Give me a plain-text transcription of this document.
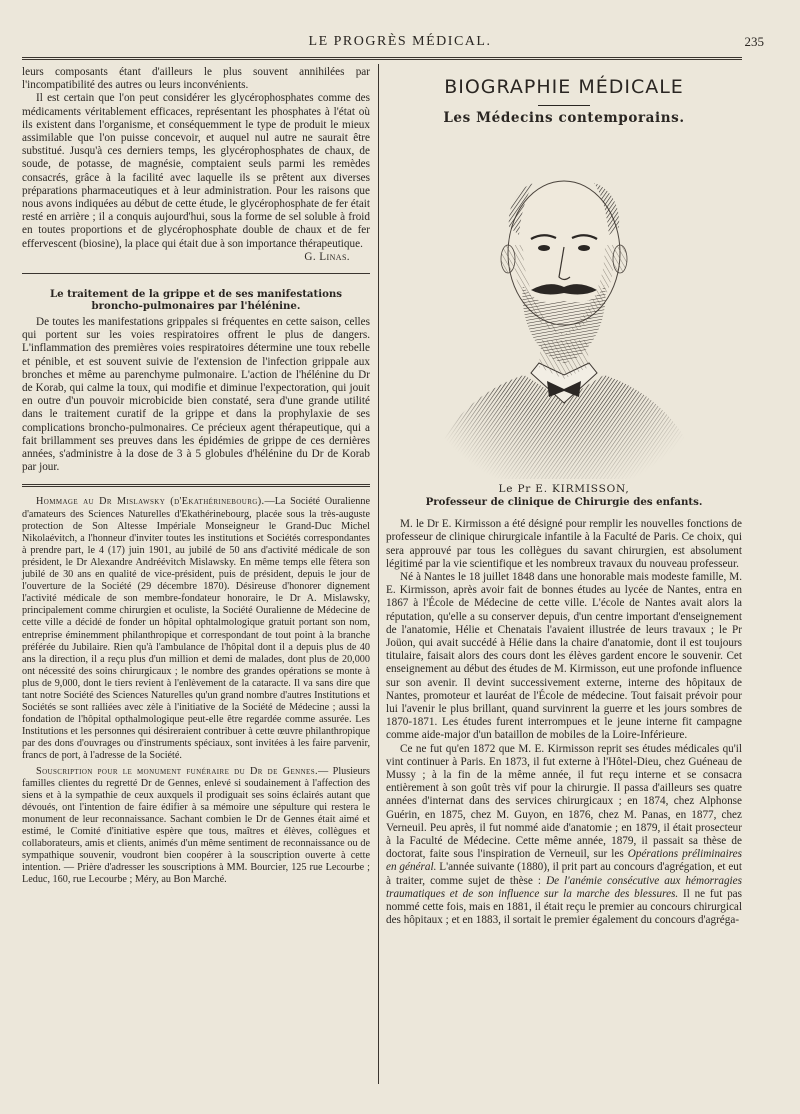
LE PROGRÈS MÉDICAL.	235

leurs composants étant d'ailleurs le plus souvent annihilées par l'incompatibilité des autres ou leurs inconvénients.

Il est certain que l'on peut considérer les glycérophosphates comme des médicaments véritablement efficaces, représentant les phosphates à l'état où ils existent dans l'organisme, et conséquemment le type de produit le mieux assimilable que l'on puisse concevoir, et auquel nul autre ne saurait être substitué. Jusqu'à ces derniers temps, les glycérophosphates de chaux, de soude, de potasse, de magnésie, comptaient seuls parmi les remèdes consacrés, grâce à la facilité avec laquelle ils se prêtent aux diverses préparations pharmaceutiques et à leur administration. Pour les raisons que nous avons indiquées au début de cette étude, le glycérophosphate de fer était resté en arrière ; il a conquis aujourd'hui, sous la forme de sel soluble à froid en toutes proportions et de glycérophosphate double de chaux et de fer effervescent (biosine), la place qui était due à son importance thérapeutique.

G. Linas.

Le traitement de la grippe et de ses manifestations broncho-pulmonaires par l'hélénine.

De toutes les manifestations grippales si fréquentes en cette saison, celles qui portent sur les voies respiratoires offrent le plus de dangers. L'inflammation des premières voies respiratoires détermine une toux rebelle et pénible, et est souvent suivie de l'extension de l'infection grippale aux bronches et même au parenchyme pulmonaire. L'action de l'hélénine du Dr de Korab, qui calme la toux, qui modifie et diminue l'expectoration, qui jouit en outre d'un pouvoir microbicide bien constaté, sera d'une grande utilité dans le traitement curatif de la grippe et dans la prophylaxie de ses complications broncho-pulmonaires. Ce précieux agent thérapeutique, qui a fait brillamment ses preuves dans les épidémies de grippe de ces dernières années, s'administre à la dose de 3 à 5 globules d'hélénine du Dr de Korab par jour.

Hommage au Dr Mislawsky (d'Ekathérinebourg).—La Société Ouralienne d'amateurs des Sciences Naturelles d'Ekathérinebourg, placée sous la très-auguste protection de Son Altesse Impériale Monseigneur le Grand-Duc Michel Nikolaévitch, a l'honneur d'inviter toutes les institutions et Sociétés correspondantes à prendre part, le 4 (17) juin 1901, au jubilé de 50 ans d'activité médicale de son président, le Dr Alexandre Andréévitch Mislawsky. En même temps elle fêtera son jubilé de 30 ans en qualité de vice-président, puis de président, depuis le jour de l'ouverture de la Société (29 décembre 1870). Désireuse d'honorer dignement l'activité médicale de son membre-fondateur honoraire, le Dr A. Mislawsky, principalement comme chirurgien et oculiste, la Société Ouralienne de Médecine de cette ville a décidé de fonder un hôpital ophtalmologique gratuit portant son nom, entreprise éminemment philanthropique et correspondant de tout point à la branche préférée du Jubilaire. Rien qu'à l'ambulance de l'hôpital dont il a depuis plus de 40 ans la direction, il a reçu plus d'un million et demi de malades, dont plus de 20,000 ont nécessité des soins chirurgicaux ; le nombre des grandes opérations se monte à plus de 9,000, dont le tiers revient à l'enlèvement de la cataracte. Il va sans dire que tant notre Société des Sciences Naturelles qu'un grand nombre d'autres Institutions et Sociétés se sont ralliées avec zèle à l'initiative de la Société de Médecine ; aussi la fondation de l'hôpital opthalmologique peut-elle être regardée comme assurée. Les Institutions et les personnes qui désireraient contribuer à cette œuvre philanthropique par des dons d'ouvrages ou d'instruments spéciaux, sont invitées à les faire parvenir, francs de port, à l'adresse de la Société.

Souscription pour le monument funéraire du Dr de Gennes.— Plusieurs familles clientes du regretté Dr de Gennes, enlevé si soudainement à l'affection des siens et à la sympathie de ceux auxquels il prodiguait ses soins éclairés autant que dévoués, ont l'intention de faire édifier à sa mémoire une sépulture qui restera le monument de leur reconnaissance. Sachant combien le Dr de Gennes était aimé et estimé, le Comité d'initiative espère que tous, maîtres et élèves, collègues et collaborateurs, amis et clients, animés d'un même sentiment de reconnaissance ou de sympathique souvenir, voudront bien coopérer à la souscription ouverte à cette intention. — Prière d'adresser les souscriptions à MM. Bourcier, 125 rue Lecourbe ; Leduc, 160, rue Lecourbe ; Méry, au Bon Marché.

BIOGRAPHIE MÉDICALE
Les Médecins contemporains.
Le Pr E. KIRMISSON,
Professeur de clinique de Chirurgie des enfants.

M. le Dr E. Kirmisson a été désigné pour remplir les nouvelles fonctions de professeur de clinique chirurgicale infantile à la Faculté de Paris. Ce choix, qui sera approuvé par tous les collègues du savant chirurgien, est absolument légitimé par la vie scientifique et les nombreux travaux du nouveau professeur.

Né à Nantes le 18 juillet 1848 dans une honorable mais modeste famille, M. E. Kirmisson, après avoir fait de bonnes études au lycée de Nantes, entra en 1867 à l'École de Médecine de cette ville. L'école de Nantes avait alors la réputation, qu'elle a su conserver depuis, d'un centre important d'enseignement de l'anatomie, Hélie et Chenatais l'avaient illustrée de leurs travaux ; le Pr Joüon, qui avait succédé à Hélie dans la chaire d'anatomie, dont il est toujours titulaire, faisait alors des cours dont les élèves gardent encore le souvenir. Cet enseignement au début des études de M. Kirmisson, eut une profonde influence sur son avenir. Il devint successivement externe, interne des hôpitaux de Nantes, promoteur et lauréat de l'École de médecine. Tout faisait prévoir pour lui l'avenir le plus brillant, quand survinrent la guerre et les jours sombres de 1870-1871. Les études furent interrompues et le jeune interne fit campagne comme aide-major d'un bataillon de mobiles de la Loire-Inférieure.

Ce ne fut qu'en 1872 que M. E. Kirmisson reprit ses études médicales qu'il vint continuer à Paris. En 1873, il fut externe à l'Hôtel-Dieu, chez Guéneau de Mussy ; à la fin de la même année, il fut reçu interne et se consacra entièrement à son goût très vif pour la chirurgie. Il passa d'ailleurs ses quatre années d'internat dans des services chirurgicaux ; en 1874, chez Alphonse Guérin, en 1875, chez M. Guyon, en 1876, chez M. Panas, en 1877, chez Verneuil. Peu après, il fut nommé aide d'anatomie ; en 1879, il était prosecteur à la Faculté de Médecine. Cette même année, 1879, il passait sa thèse de doctorat, faite sous l'inspiration de Verneuil, sur les Opérations préliminaires en général. L'année suivante (1880), il prit part au concours d'agrégation, et eut à traiter, comme sujet de thèse : De l'anémie consécutive aux hémorragies traumatiques et de son influence sur la marche des blessures. Il ne fut pas nommé cette fois, mais en 1881, il était reçu le premier au concours chirurgical des hôpitaux ; et en 1883, il sortait le premier également du concours d'agréga-
